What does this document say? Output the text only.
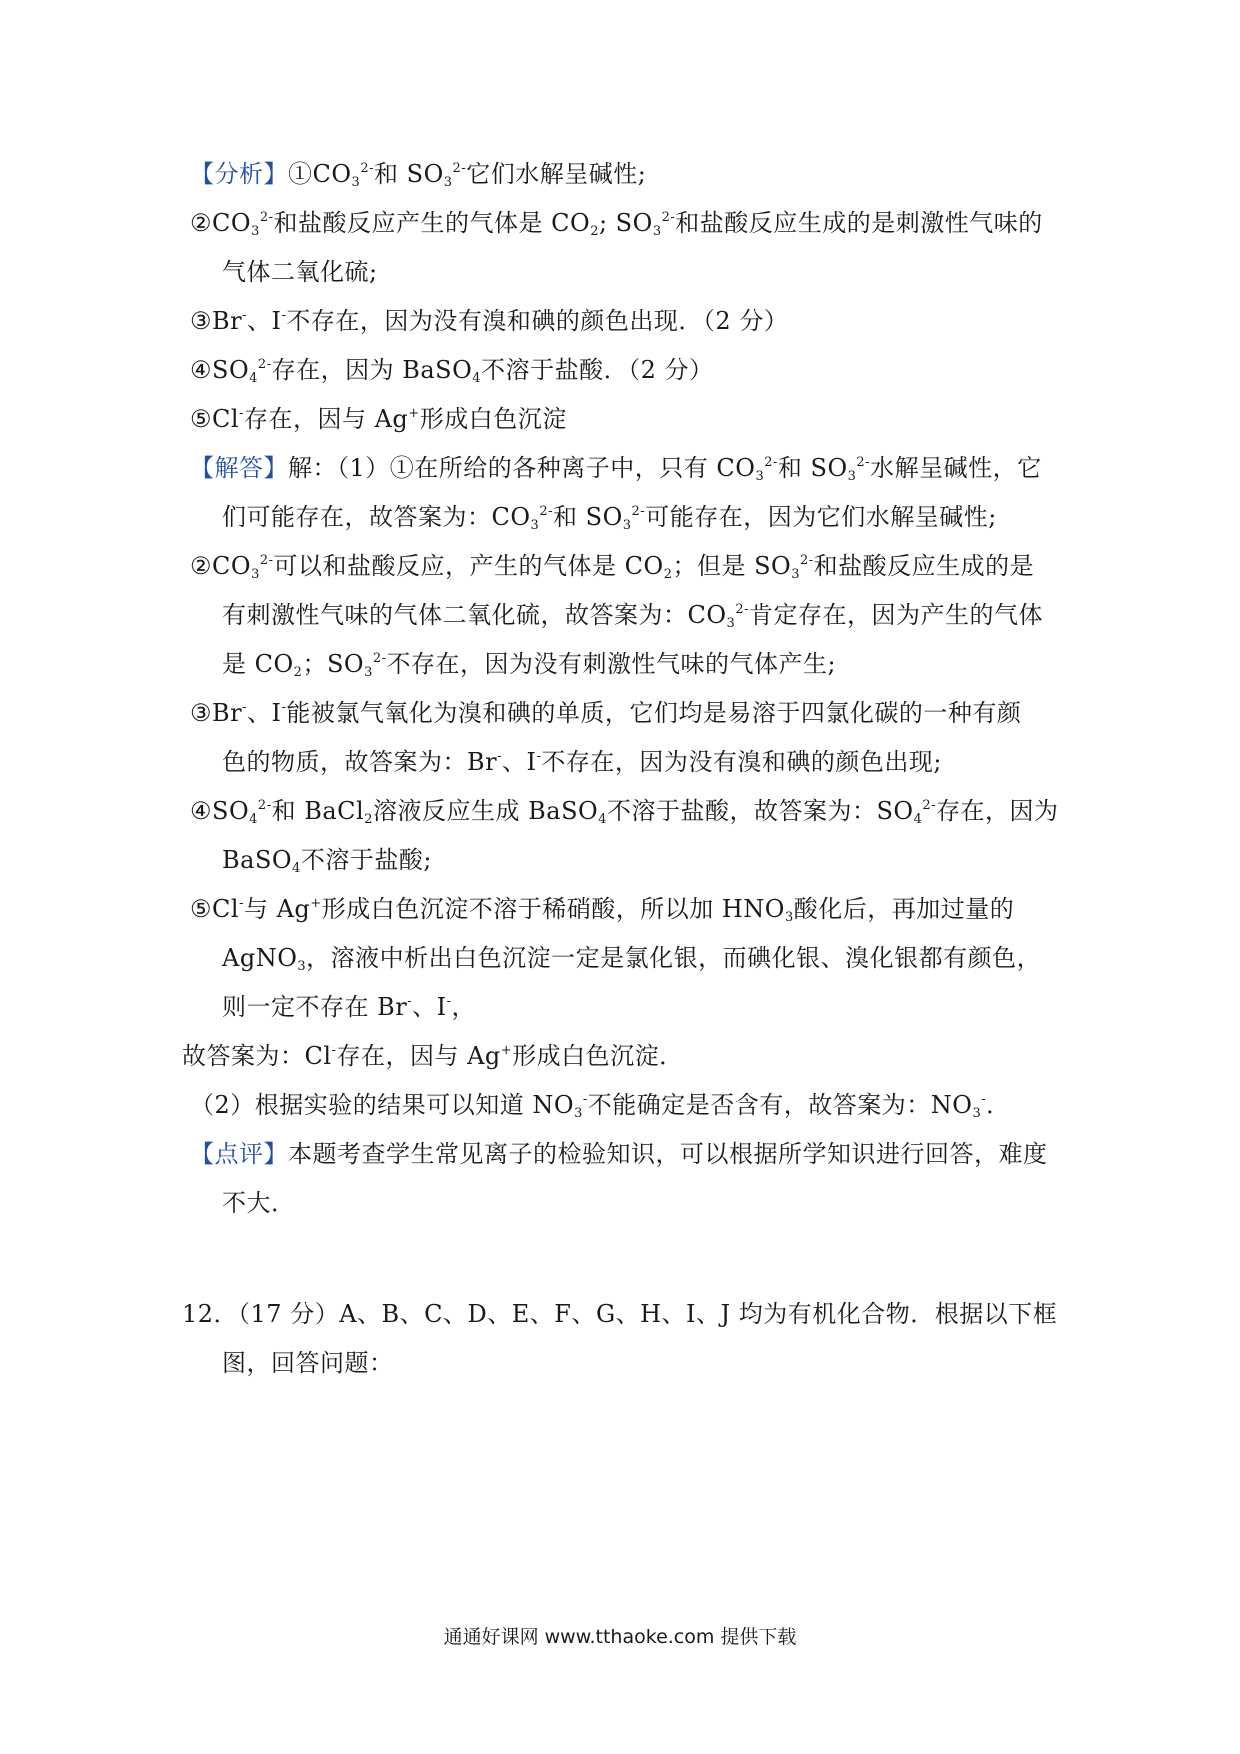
【分析】$①CO_3^{2-}$和 $SO_3^{2-}$它们水解呈碱性;
$②CO_3^{2-}$和盐酸反应产生的气体是 $CO_2$; $SO_3^{2-}$和盐酸反应生成的是刺激性气味的
气体二氧化硫;
③Br-、I-不存在，因为没有溴和碘的颜色出现．（2 分）
$④SO_4^{2-}$存在，因为 BaSO$_4$不溶于盐酸．（2 分）
⑤Cl-存在，因与 Ag+形成白色沉淀
【解答】解：（1）①在所给的各种离子中，只有 $CO_3^{2-}$和 $SO_3^{2-}$水解呈碱性，它
们可能存在，故答案为：$CO_3^{2-}$和 $SO_3^{2-}$可能存在，因为它们水解呈碱性;
$②CO_3^{2-}$可以和盐酸反应，产生的气体是 $CO_2$；但是 $SO_3^{2-}$和盐酸反应生成的是
有刺激性气味的气体二氧化硫，故答案为：$CO_3^{2-}$肯定存在，因为产生的气体
是 $CO_2$；$SO_3^{2-}$不存在，因为没有刺激性气味的气体产生;
③Br-、I-能被氯气氧化为溴和碘的单质，它们均是易溶于四氯化碳的一种有颜
色的物质，故答案为：Br-、I-不存在，因为没有溴和碘的颜色出现;
$④SO_4^{2-}$和 BaCl$_2$溶液反应生成 BaSO$_4$不溶于盐酸，故答案为：$SO_4^{2-}$存在，因为
BaSO$_4$不溶于盐酸;
⑤Cl-与 Ag+形成白色沉淀不溶于稀硝酸，所以加 $HNO_3$酸化后，再加过量的
AgNO$_3$，溶液中析出白色沉淀一定是氯化银，而碘化银、溴化银都有颜色，
则一定不存在 Br-、I-，
故答案为：Cl-存在，因与 Ag+形成白色沉淀．
（2）根据实验的结果可以知道 $NO_3^-$不能确定是否含有，故答案为：$NO_3^-$．
【点评】本题考查学生常见离子的检验知识，可以根据所学知识进行回答，难度
不大．
12．（17 分）A、B、C、D、E、F、G、H、I、J 均为有机化合物．根据以下框
图，回答问题：
通通好课网 www.tthaoke.com 提供下载
